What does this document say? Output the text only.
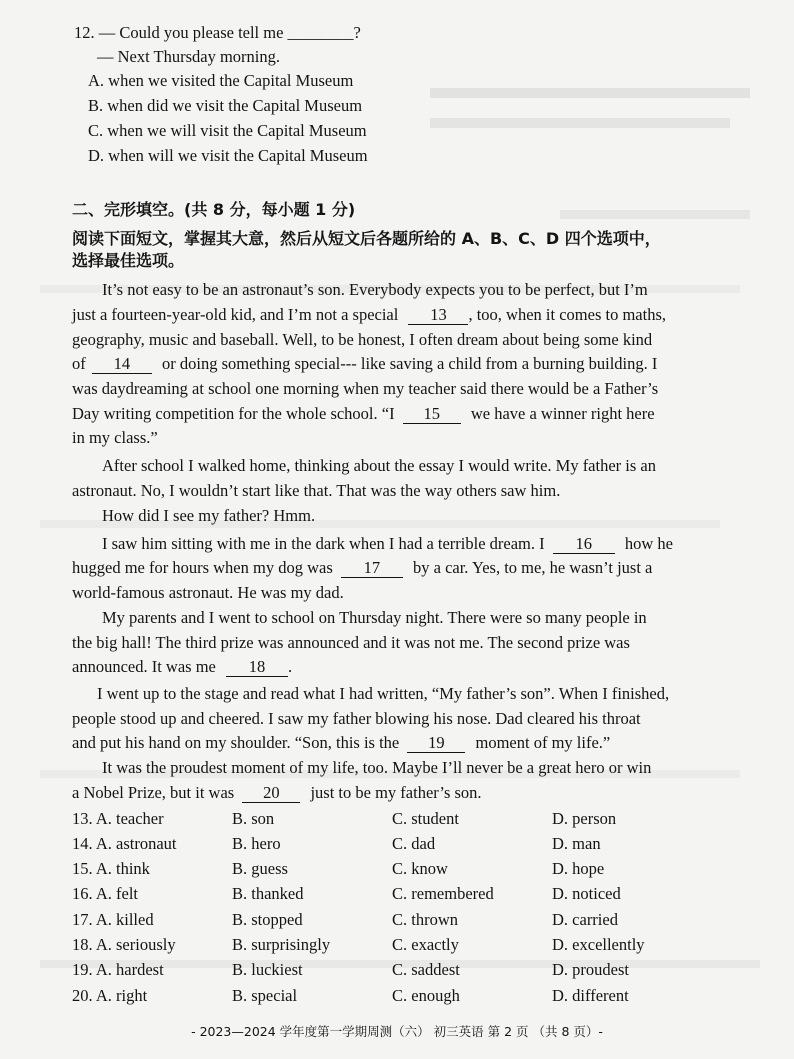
12. — Could you please tell me ________?
— Next Thursday morning.
A. when we visited the Capital Museum
B. when did we visit the Capital Museum
C. when we will visit the Capital Museum
D. when will we visit the Capital Museum
二、完形填空。(共 8 分，每小题 1 分)
阅读下面短文，掌握其大意，然后从短文后各题所给的 A、B、C、D 四个选项中，
选择最佳选项。
It’s not easy to be an astronaut’s son. Everybody expects you to be perfect, but I’m
just a fourteen-year-old kid, and I’m not a special 13 , too, when it comes to maths,
geography, music and baseball. Well, to be honest, I often dream about being some kind
of 14 or doing something special--- like saving a child from a burning building. I
was daydreaming at school one morning when my teacher said there would be a Father’s
Day writing competition for the whole school. “I 15 we have a winner right here
in my class.”
After school I walked home, thinking about the essay I would write. My father is an
astronaut. No, I wouldn’t start like that. That was the way others saw him.
How did I see my father? Hmm.
I saw him sitting with me in the dark when I had a terrible dream. I 16 how he
hugged me for hours when my dog was 17 by a car. Yes, to me, he wasn’t just a
world-famous astronaut. He was my dad.
My parents and I went to school on Thursday night. There were so many people in
the big hall! The third prize was announced and it was not me. The second prize was
announced. It was me 18 .
I went up to the stage and read what I had written, “My father’s son”. When I finished,
people stood up and cheered. I saw my father blowing his nose. Dad cleared his throat
and put his hand on my shoulder. “Son, this is the 19 moment of my life.”
It was the proudest moment of my life, too. Maybe I’ll never be a great hero or win
a Nobel Prize, but it was 20 just to be my father’s son.
13. A. teacher	B. son	C. student	D. person
14. A. astronaut	B. hero	C. dad	D. man
15. A. think	B. guess	C. know	D. hope
16. A. felt	B. thanked	C. remembered	D. noticed
17. A. killed	B. stopped	C. thrown	D. carried
18. A. seriously	B. surprisingly	C. exactly	D. excellently
19. A. hardest	B. luckiest	C. saddest	D. proudest
20. A. right	B. special	C. enough	D. different
- 2023—2024 学年度第一学期周测（六） 初三英语 第 2 页 （共 8 页）-
